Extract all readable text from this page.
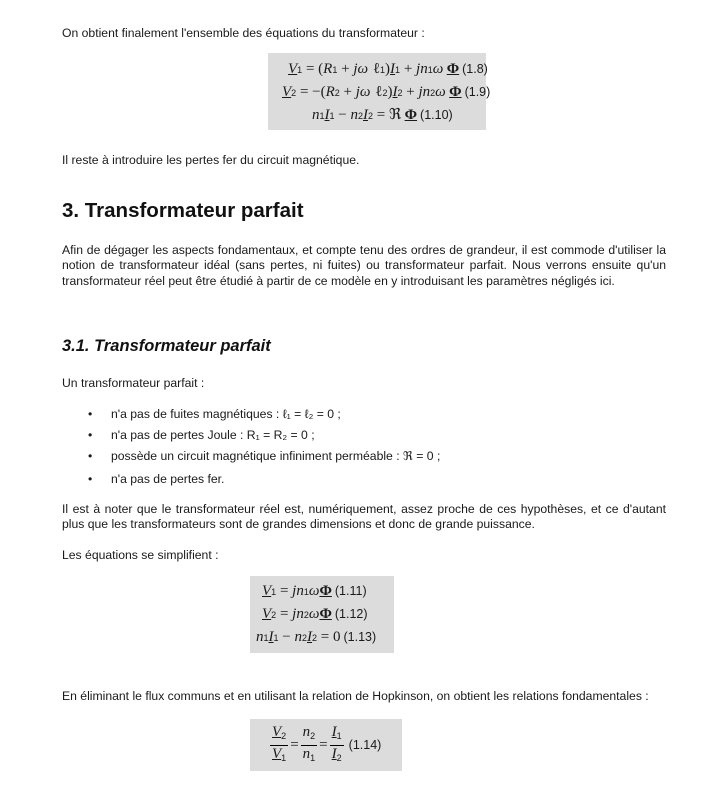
On obtient finalement l'ensemble des équations du transformateur :

V 1 = ( R 1 + jω ℓ 1 ) I 1 + jn 1 ω
Φ (1.8)
V 2 = −( R 2 + jω ℓ 2 ) I 2 + jn 2 ω
Φ (1.9)
n 1 I 1 − n 2 I 2 = ℜ
Φ (1.10)

Il reste à introduire les pertes fer du circuit magnétique.

3. Transformateur parfait

Afin de dégager les aspects fondamentaux, et compte tenu des ordres de grandeur, il est commode d'utiliser la notion de transformateur idéal (sans pertes, ni fuites) ou transformateur parfait. Nous verrons ensuite qu'un transformateur réel peut être étudié à partir de ce modèle en y introduisant les paramètres négligés ici.

3.1. Transformateur parfait

Un transformateur parfait :

• n'a pas de fuites magnétiques : ℓ₁ = ℓ₂ = 0 ;
• n'a pas de pertes Joule : R₁ = R₂ = 0 ;
• possède un circuit magnétique infiniment perméable : ℜ = 0 ;
• n'a pas de pertes fer.

Il est à noter que le transformateur réel est, numériquement, assez proche de ces hypothèses, et ce d'autant plus que les transformateurs sont de grandes dimensions et donc de grande puissance.

Les équations se simplifient :

V 1 = jn 1 ω Φ (1.11)
V 2 = jn 2 ω Φ (1.12)
n 1 I 1 − n 2 I 2 = 0 (1.13)

En éliminant le flux communs et en utilisant la relation de Hopkinson, on obtient les relations fondamentales :

$\frac{V_2}{V_1} = \frac{n_2}{n_1} = \frac{I_1}{I_2} (1.14)$
